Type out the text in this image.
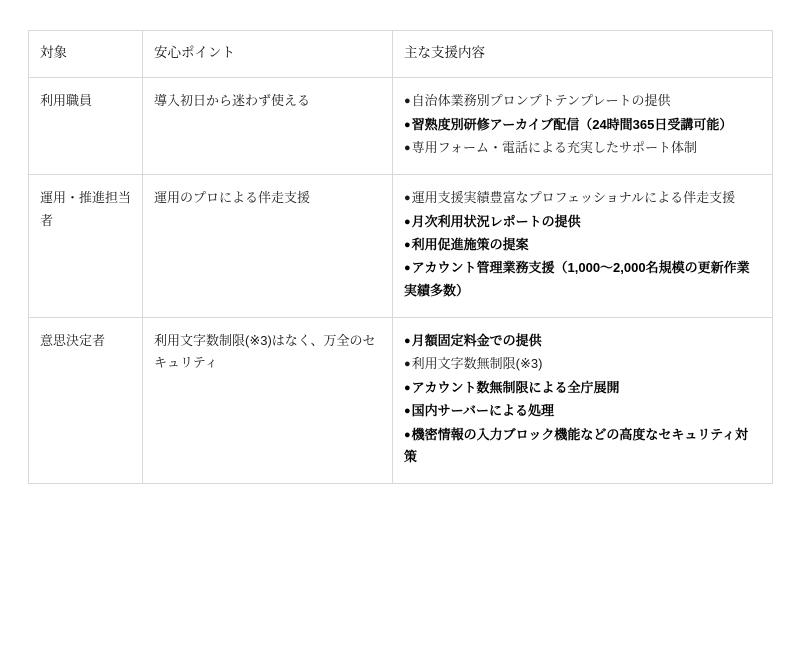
対象	安心ポイント	主な支援内容
利用職員	導入初日から迷わず使える	●自治体業務別プロンプトテンプレートの提供
●習熟度別研修アーカイブ配信（24時間365日受講可能）
●専用フォーム・電話による充実したサポート体制

運用・推進担当者	運用のプロによる伴走支援	●運用支援実績豊富なプロフェッショナルによる伴走支援
●月次利用状況レポートの提供
●利用促進施策の提案
●アカウント管理業務支援（1,000〜2,000名規模の更新作業実績多数）

意思決定者	利用文字数制限(※3)はなく、万全のセキュリティ	
●月額固定料金での提供
●利用文字数無制限(※3)
●アカウント数無制限による全庁展開
●国内サーバーによる処理
●機密情報の入力ブロック機能などの高度なセキュリティ対策
